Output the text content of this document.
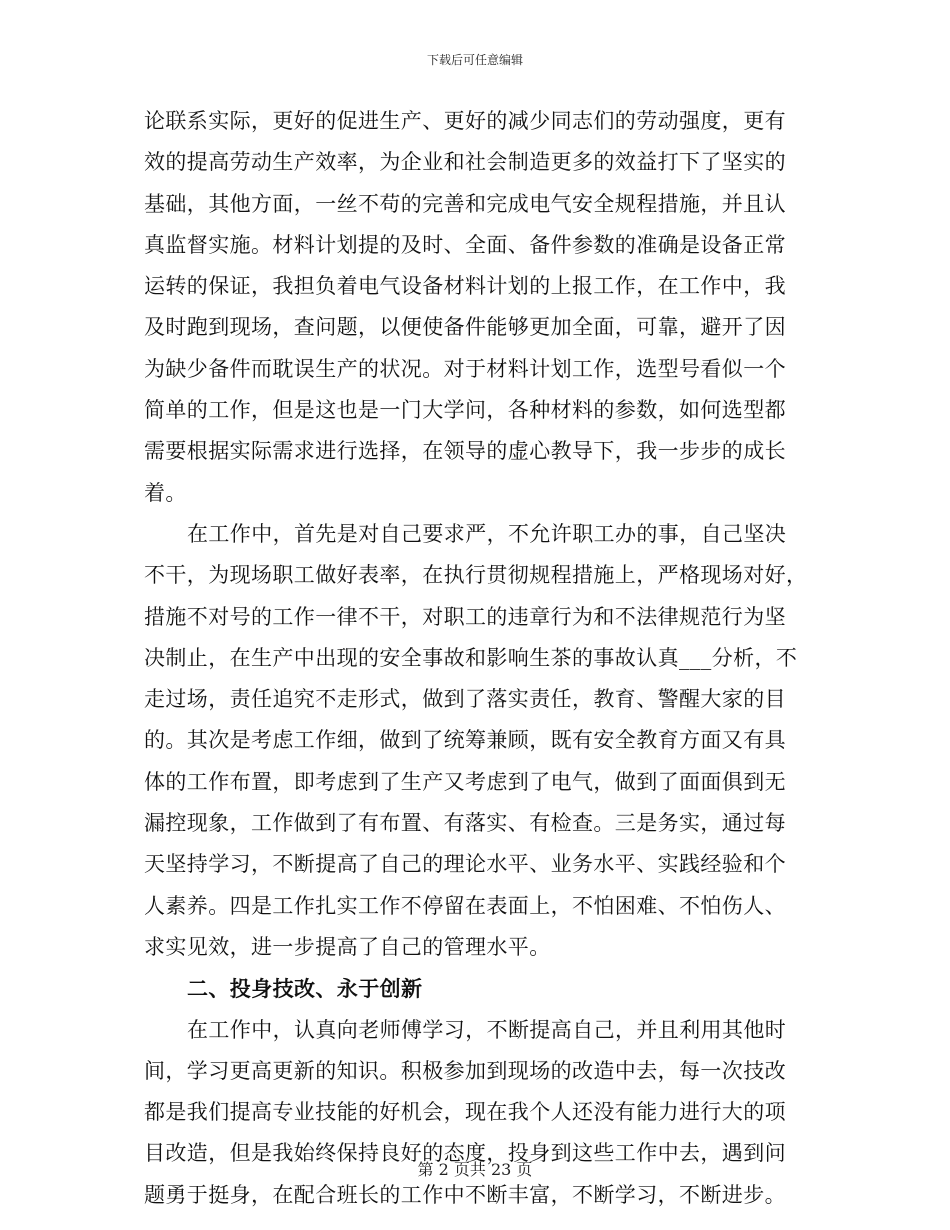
下载后可任意编辑
论联系实际，更好的促进生产、更好的减少同志们的劳动强度，更有
效的提高劳动生产效率，为企业和社会制造更多的效益打下了坚实的
基础，其他方面，一丝不苟的完善和完成电气安全规程措施，并且认
真监督实施。材料计划提的及时、全面、备件参数的准确是设备正常
运转的保证，我担负着电气设备材料计划的上报工作，在工作中，我
及时跑到现场，查问题，以便使备件能够更加全面，可靠，避开了因
为缺少备件而耽误生产的状况。对于材料计划工作，选型号看似一个
简单的工作，但是这也是一门大学问，各种材料的参数，如何选型都
需要根据实际需求进行选择，在领导的虚心教导下，我一步步的成长
着。
在工作中，首先是对自己要求严，不允许职工办的事，自己坚决
不干，为现场职工做好表率，在执行贯彻规程措施上，严格现场对好，
措施不对号的工作一律不干，对职工的违章行为和不法律规范行为坚
决制止，在生产中出现的安全事故和影响生茶的事故认真___分析，不
走过场，责任追究不走形式，做到了落实责任，教育、警醒大家的目
的。其次是考虑工作细，做到了统筹兼顾，既有安全教育方面又有具
体的工作布置，即考虑到了生产又考虑到了电气，做到了面面俱到无
漏控现象，工作做到了有布置、有落实、有检查。三是务实，通过每
天坚持学习，不断提高了自己的理论水平、业务水平、实践经验和个
人素养。四是工作扎实工作不停留在表面上，不怕困难、不怕伤人、
求实见效，进一步提高了自己的管理水平。
二、投身技改、永于创新
在工作中，认真向老师傅学习，不断提高自己，并且利用其他时
间，学习更高更新的知识。积极参加到现场的改造中去，每一次技改
都是我们提高专业技能的好机会，现在我个人还没有能力进行大的项
目改造，但是我始终保持良好的态度，投身到这些工作中去，遇到问
题勇于挺身，在配合班长的工作中不断丰富，不断学习，不断进步。
第 2 页共 23 页
